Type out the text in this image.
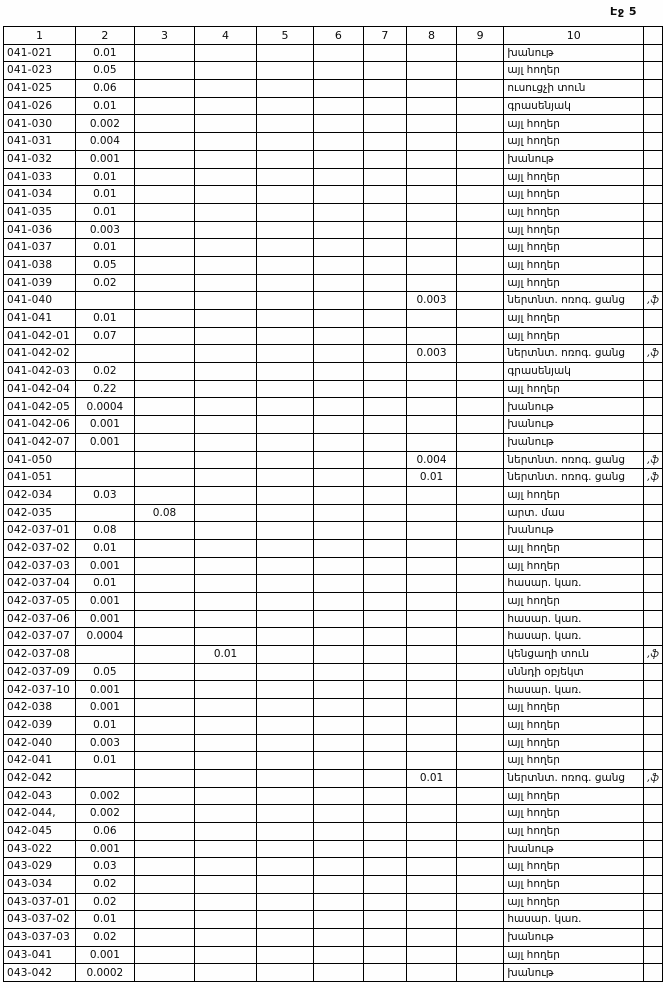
Էջ 5
1	2	3	4	5	6	7	8	9	10	
041-021	0.01								խանութ	
041-023	0.05								այլ հողեր	
041-025	0.06								ուսուցչի տուն	
041-026	0.01								գրասենյակ	
041-030	0.002								այլ հողեր	
041-031	0.004								այլ հողեր	
041-032	0.001								խանութ	
041-033	0.01								այլ հողեր	
041-034	0.01								այլ հողեր	
041-035	0.01								այլ հողեր	
041-036	0.003								այլ հողեր	
041-037	0.01								այլ հողեր	
041-038	0.05								այլ հողեր	
041-039	0.02								այլ հողեր	
041-040							0.003		ներտնտ. ոռոգ. ցանց	,ֆ
041-041	0.01								այլ հողեր	
041-042-01	0.07								այլ հողեր	
041-042-02							0.003		ներտնտ. ոռոգ. ցանց	,ֆ
041-042-03	0.02								գրասենյակ	
041-042-04	0.22								այլ հողեր	
041-042-05	0.0004								խանութ	
041-042-06	0.001								խանութ	
041-042-07	0.001								խանութ	
041-050							0.004		ներտնտ. ոռոգ. ցանց	,ֆ
041-051							0.01		ներտնտ. ոռոգ. ցանց	,ֆ
042-034	0.03								այլ հողեր	
042-035		0.08							արտ. մաս	
042-037-01	0.08								խանութ	
042-037-02	0.01								այլ հողեր	
042-037-03	0.001								այլ հողեր	
042-037-04	0.01								հասար. կառ.	
042-037-05	0.001								այլ հողեր	
042-037-06	0.001								հասար. կառ.	
042-037-07	0.0004								հասար. կառ.	
042-037-08			0.01						կենցաղի տուն	,ֆ
042-037-09	0.05								սննդի օբյեկտ	
042-037-10	0.001								հասար. կառ.	
042-038	0.001								այլ հողեր	
042-039	0.01								այլ հողեր	
042-040	0.003								այլ հողեր	
042-041	0.01								այլ հողեր	
042-042							0.01		ներտնտ. ոռոգ. ցանց	,ֆ
042-043	0.002								այլ հողեր	
042-044,	0.002								այլ հողեր	
042-045	0.06								այլ հողեր	
043-022	0.001								խանութ	
043-029	0.03								այլ հողեր	
043-034	0.02								այլ հողեր	
043-037-01	0.02								այլ հողեր	
043-037-02	0.01								հասար. կառ.	
043-037-03	0.02								խանութ	
043-041	0.001								այլ հողեր	
043-042	0.0002								խանութ	
